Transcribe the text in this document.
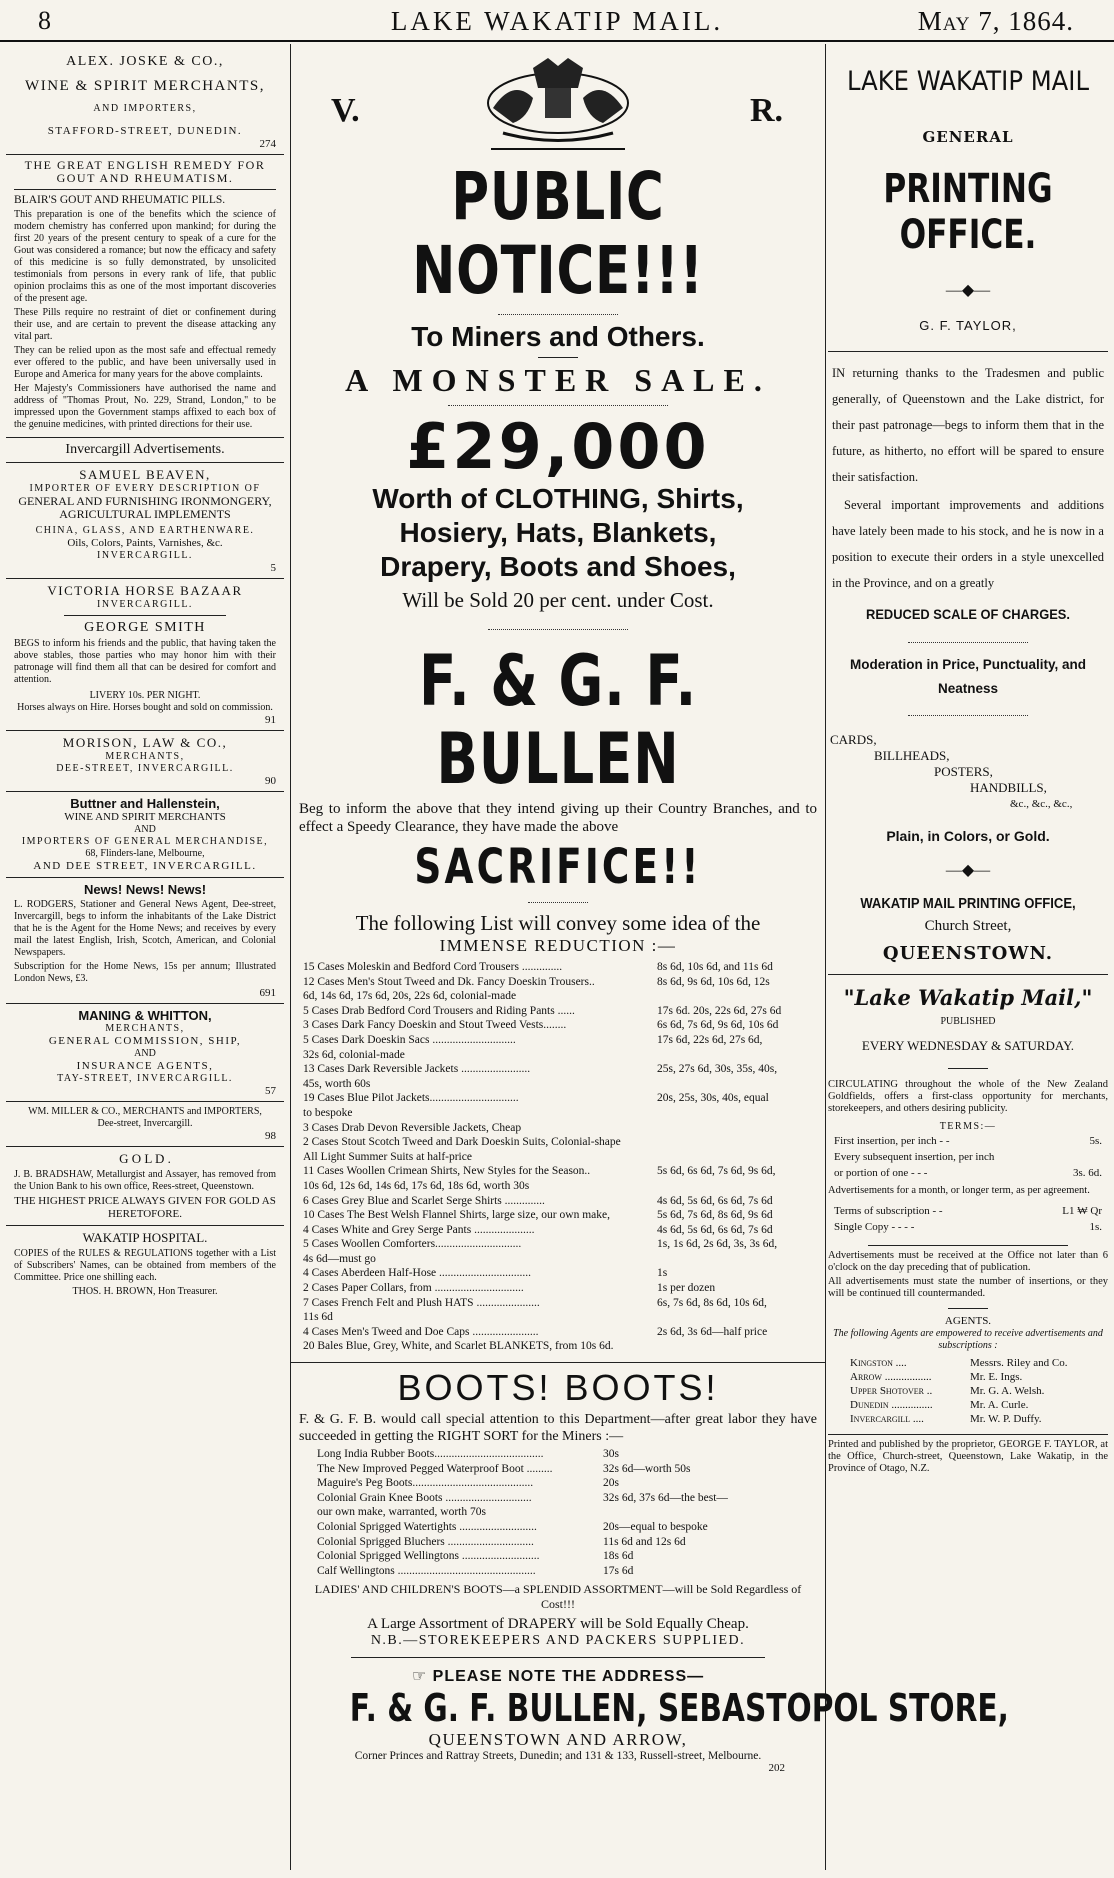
8	LAKE WAKATIP MAIL.	May 7, 1864.
ALEX. JOSKE & CO.,
WINE & SPIRIT MERCHANTS,
AND IMPORTERS,
STAFFORD-STREET, DUNEDIN.
274
THE GREAT ENGLISH REMEDY FOR GOUT AND RHEUMATISM.
BLAIR'S GOUT AND RHEUMATIC PILLS.

This preparation is one of the benefits which the science of modern chemistry has conferred upon mankind; for during the first 20 years of the present century to speak of a cure for the Gout was considered a romance; but now the efficacy and safety of this medicine is so fully demonstrated, by unsolicited testimonials from persons in every rank of life, that public opinion proclaims this as one of the most important discoveries of the present age.

These Pills require no restraint of diet or confinement during their use, and are certain to prevent the disease attacking any vital part.

They can be relied upon as the most safe and effectual remedy ever offered to the public, and have been universally used in Europe and America for many years for the above complaints.

Her Majesty's Commissioners have authorised the name and address of "Thomas Prout, No. 229, Strand, London," to be impressed upon the Government stamps affixed to each box of the genuine medicines, with printed directions for their use.

Invercargill Advertisements.
SAMUEL BEAVEN,
IMPORTER OF EVERY DESCRIPTION OF
GENERAL AND FURNISHING IRONMONGERY, AGRICULTURAL IMPLEMENTS
CHINA, GLASS, AND EARTHENWARE.
Oils, Colors, Paints, Varnishes, &c.
INVERCARGILL.
5
VICTORIA HORSE BAZAAR
INVERCARGILL.
GEORGE SMITH

BEGS to inform his friends and the public, that having taken the above stables, those parties who may honor him with their patronage will find them all that can be desired for comfort and attention.

LIVERY 10s. PER NIGHT.
Horses always on Hire. Horses bought and sold on commission.
91
MORISON, LAW & CO.,
MERCHANTS,
DEE-STREET, INVERCARGILL.
90
Buttner and Hallenstein,
WINE AND SPIRIT MERCHANTS
AND
IMPORTERS OF GENERAL MERCHANDISE,
68, Flinders-lane, Melbourne,
AND DEE STREET, INVERCARGILL.
News! News! News!

L. RODGERS, Stationer and General News Agent, Dee-street, Invercargill, begs to inform the inhabitants of the Lake District that he is the Agent for the Home News; and receives by every mail the latest English, Irish, Scotch, American, and Colonial Newspapers.

Subscription for the Home News, 15s per annum; Illustrated London News, £3.

691
MANING & WHITTON,
MERCHANTS,
GENERAL COMMISSION, SHIP,
AND
INSURANCE AGENTS,
TAY-STREET, INVERCARGILL.
57
WM. MILLER & CO., MERCHANTS and IMPORTERS,
Dee-street, Invercargill.
98
G O L D .

J. B. BRADSHAW, Metallurgist and Assayer, has removed from the Union Bank to his own office, Rees-street, Queenstown.

THE HIGHEST PRICE ALWAYS GIVEN FOR GOLD AS HERETOFORE.
WAKATIP HOSPITAL.

COPIES of the RULES & REGULATIONS together with a List of Subscribers' Names, can be obtained from members of the Committee. Price one shilling each.

THOS. H. BROWN, Hon Treasurer.
V.	R.
PUBLIC NOTICE!!!
To Miners and Others.
A MONSTER SALE.
£29,000
Worth of CLOTHING, Shirts,
Hosiery, Hats, Blankets,
Drapery, Boots and Shoes,
Will be Sold 20 per cent. under Cost.
F. & G. F. BULLEN

Beg to inform the above that they intend giving up their Country Branches, and to effect a Speedy Clearance, they have made the above

SACRIFICE!!
The following List will convey some idea of the
IMMENSE REDUCTION :—
15 Cases Moleskin and Bedford Cord Trousers ..............	8s 6d, 10s 6d, and 11s 6d
12 Cases Men's Stout Tweed and Dk. Fancy Doeskin Trousers..	8s 6d, 9s 6d, 10s 6d, 12s
6d, 14s 6d, 17s 6d, 20s, 22s 6d, colonial-made
5 Cases Drab Bedford Cord Trousers and Riding Pants ......	17s 6d. 20s, 22s 6d, 27s 6d
3 Cases Dark Fancy Doeskin and Stout Tweed Vests........	6s 6d, 7s 6d, 9s 6d, 10s 6d
5 Cases Dark Doeskin Sacs .............................	17s 6d, 22s 6d, 27s 6d,
32s 6d, colonial-made
13 Cases Dark Reversible Jackets ........................	25s, 27s 6d, 30s, 35s, 40s,
45s, worth 60s
19 Cases Blue Pilot Jackets...............................	20s, 25s, 30s, 40s, equal
to bespoke
3 Cases Drab Devon Reversible Jackets, Cheap
2 Cases Stout Scotch Tweed and Dark Doeskin Suits, Colonial-shape
All Light Summer Suits at half-price
11 Cases Woollen Crimean Shirts, New Styles for the Season..	5s 6d, 6s 6d, 7s 6d, 9s 6d,
10s 6d, 12s 6d, 14s 6d, 17s 6d, 18s 6d, worth 30s
6 Cases Grey Blue and Scarlet Serge Shirts ..............	4s 6d, 5s 6d, 6s 6d, 7s 6d
10 Cases The Best Welsh Flannel Shirts, large size, our own make,	5s 6d, 7s 6d, 8s 6d, 9s 6d
4 Cases White and Grey Serge Pants .....................	4s 6d, 5s 6d, 6s 6d, 7s 6d
5 Cases Woollen Comforters..............................	1s, 1s 6d, 2s 6d, 3s, 3s 6d,
4s 6d—must go
4 Cases Aberdeen Half-Hose ................................	1s
2 Cases Paper Collars, from ...............................	1s per dozen
7 Cases French Felt and Plush HATS ......................	6s, 7s 6d, 8s 6d, 10s 6d,
11s 6d
4 Cases Men's Tweed and Doe Caps .......................	2s 6d, 3s 6d—half price
20 Bales Blue, Grey, White, and Scarlet BLANKETS, from 10s 6d.
BOOTS! BOOTS!

F. & G. F. B. would call special attention to this Department—after great labor they have succeeded in getting the RIGHT SORT for the Miners :—

Long India Rubber Boots......................................	30s
The New Improved Pegged Waterproof Boot .........	32s 6d—worth 50s
Maguire's Peg Boots..........................................	20s
Colonial Grain Knee Boots ..............................	32s 6d, 37s 6d—the best—
our own make, warranted, worth 70s
Colonial Sprigged Watertights ...........................	20s—equal to bespoke
Colonial Sprigged Bluchers ..............................	11s 6d and 12s 6d
Colonial Sprigged Wellingtons ...........................	18s 6d
Calf Wellingtons ................................................	17s 6d

LADIES' AND CHILDREN'S BOOTS—a SPLENDID ASSORTMENT—will be Sold Regardless of Cost!!!

A Large Assortment of DRAPERY will be Sold Equally Cheap.
N.B.—STOREKEEPERS AND PACKERS SUPPLIED.
☞ PLEASE NOTE THE ADDRESS—
F. & G. F. BULLEN, SEBASTOPOL STORE,
QUEENSTOWN AND ARROW,
Corner Princes and Rattray Streets, Dunedin; and 131 & 133, Russell-street, Melbourne.
202
LAKE WAKATIP MAIL
GENERAL
PRINTING OFFICE.
—◆—
G. F. TAYLOR,

IN returning thanks to the Tradesmen and public generally, of Queenstown and the Lake district, for their past patronage—begs to inform them that in the future, as hitherto, no effort will be spared to ensure their satisfaction.

Several important improvements and additions have lately been made to his stock, and he is now in a position to execute their orders in a style unexcelled in the Province, and on a greatly

REDUCED SCALE OF CHARGES.
Moderation in Price, Punctuality, and Neatness
CARDS,
BILLHEADS,
POSTERS,
HANDBILLS,
&c., &c., &c.,
Plain, in Colors, or Gold.
—◆—
WAKATIP MAIL PRINTING OFFICE,
Church Street,
QUEENSTOWN.
"Lake Wakatip Mail,"
PUBLISHED
EVERY WEDNESDAY & SATURDAY.

CIRCULATING throughout the whole of the New Zealand Goldfields, offers a first-class opportunity for merchants, storekeepers, and others desiring publicity.

TERMS:—
First insertion, per inch - -	5s.
Every subsequent insertion, per inch
or portion of one - - -	3s. 6d.

Advertisements for a month, or longer term, as per agreement.

Terms of subscription - -	L1 ₩ Qr
Single Copy - - - -	1s.

Advertisements must be received at the Office not later than 6 o'clock on the day preceding that of publication.

All advertisements must state the number of insertions, or they will be continued till countermanded.

AGENTS.
The following Agents are empowered to receive advertisements and subscriptions :
Kingston ....	Messrs. Riley and Co.
Arrow .................	Mr. E. Ings.
Upper Shotover ..	Mr. G. A. Welsh.
Dunedin ...............	Mr. A. Curle.
Invercargill ....	Mr. W. P. Duffy.

Printed and published by the proprietor, GEORGE F. TAYLOR, at the Office, Church-street, Queenstown, Lake Wakatip, in the Province of Otago, N.Z.
